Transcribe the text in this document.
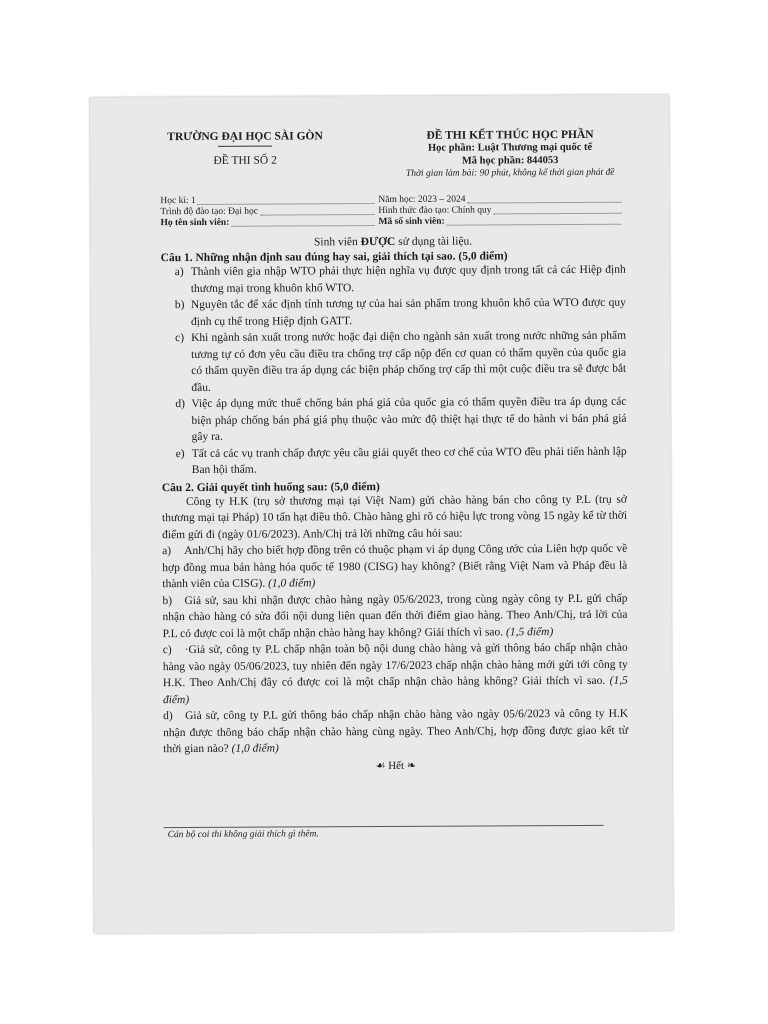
TRƯỜNG ĐẠI HỌC SÀI GÒN
ĐỀ THI SỐ 2
ĐỀ THI KẾT THÚC HỌC PHẦN
Học phần: Luật Thương mại quốc tế
Mã học phần: 844053
Thời gian làm bài: 90 phút, không kể thời gian phát đề
Học kì: 1	Năm học: 2023 – 2024
Trình độ đào tạo: Đại học	Hình thức đào tạo: Chính quy
Họ tên sinh viên:	Mã số sinh viên:
Sinh viên ĐƯỢC sử dụng tài liệu.
Câu 1. Những nhận định sau đúng hay sai, giải thích tại sao. (5,0 điểm)
a) Thành viên gia nhập WTO phải thực hiện nghĩa vụ được quy định trong tất cả các Hiệp định thương mại trong khuôn khổ WTO.
b) Nguyên tắc để xác định tính tương tự của hai sản phẩm trong khuôn khổ của WTO được quy định cụ thể trong Hiệp định GATT.
c) Khi ngành sản xuất trong nước hoặc đại diện cho ngành sản xuất trong nước những sản phẩm tương tự có đơn yêu cầu điều tra chống trợ cấp nộp đến cơ quan có thẩm quyền của quốc gia có thẩm quyền điều tra áp dụng các biện pháp chống trợ cấp thì một cuộc điều tra sẽ được bắt đầu.
d) Việc áp dụng mức thuế chống bán phá giá của quốc gia có thẩm quyền điều tra áp dụng các biện pháp chống bán phá giá phụ thuộc vào mức độ thiệt hại thực tế do hành vi bán phá giá gây ra.
e) Tất cả các vụ tranh chấp được yêu cầu giải quyết theo cơ chế của WTO đều phải tiến hành lập Ban hội thẩm.
Câu 2. Giải quyết tình huống sau: (5,0 điểm)
Công ty H.K (trụ sở thương mại tại Việt Nam) gửi chào hàng bán cho công ty P.L (trụ sở thương mại tại Pháp) 10 tấn hạt điều thô. Chào hàng ghi rõ có hiệu lực trong vòng 15 ngày kể từ thời điểm gửi đi (ngày 01/6/2023). Anh/Chị trả lời những câu hỏi sau:
a) Anh/Chị hãy cho biết hợp đồng trên có thuộc phạm vi áp dụng Công ước của Liên hợp quốc về hợp đồng mua bán hàng hóa quốc tế 1980 (CISG) hay không? (Biết rằng Việt Nam và Pháp đều là thành viên của CISG). (1,0 điểm)
b) Giả sử, sau khi nhận được chào hàng ngày 05/6/2023, trong cùng ngày công ty P.L gửi chấp nhận chào hàng có sửa đổi nội dung liên quan đến thời điểm giao hàng. Theo Anh/Chị, trả lời của P.L có được coi là một chấp nhận chào hàng hay không? Giải thích vì sao. (1,5 điểm)
c) ·Giả sử, công ty P.L chấp nhận toàn bộ nội dung chào hàng và gửi thông báo chấp nhận chào hàng vào ngày 05/06/2023, tuy nhiên đến ngày 17/6/2023 chấp nhận chào hàng mới gửi tới công ty H.K. Theo Anh/Chị đây có được coi là một chấp nhận chào hàng không? Giải thích vì sao. (1,5 điểm)
d) Giả sử, công ty P.L gửi thông báo chấp nhận chào hàng vào ngày 05/6/2023 và công ty H.K nhận được thông báo chấp nhận chào hàng cùng ngày. Theo Anh/Chị, hợp đồng được giao kết từ thời gian nào? (1,0 điểm)
☙ Hết ❧
Cán bộ coi thi không giải thích gì thêm.
